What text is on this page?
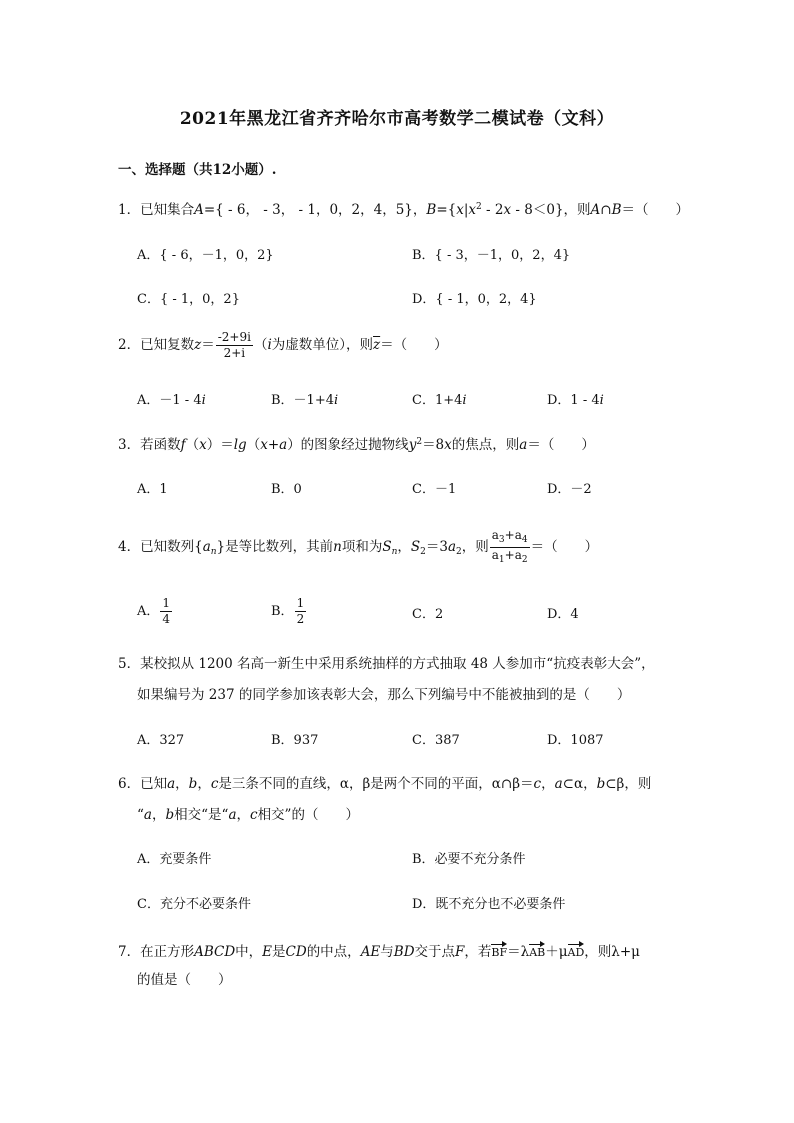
2021年黑龙江省齐齐哈尔市高考数学二模试卷（文科）
一、选择题（共12小题）.
1．已知集合A={ - 6， - 3， - 1，0，2，4，5}，$B=\{x|x^2 - 2x - 8<0\}$，则A∩B＝（　　）
A．{ - 6，－1，0，2}	B．{ - 3，－1，0，2，4}
C．{ - 1，0，2}	D．{ - 1，0，2，4}
2．已知复数$z= \frac{-2+9i}{2+i} (i$为虚数单位），则$\overline{z}=$（　　）
A．－1 - 4i	B．－1+4i	C．1+4i	D．1 - 4i
3．若函数f（x）＝lg（x+a）的图象经过抛物线$y^2=8x$的焦点，则a＝（　　）
A．1	B．0	C．－1	D．－2
4．已知数列$\{a_n\}$是等比数列，其前n项和为$S_n$，$S_2=3a_2$，则 $\frac{a_3+a_4}{a_1+a_2}$ ＝（　　）
A． $\frac{1}{4}$	B． $\frac{1}{2}$	C．2	D．4
5．某校拟从 1200 名高一新生中采用系统抽样的方式抽取 48 人参加市“抗疫表彰大会”，
如果编号为 237 的同学参加该表彰大会，那么下列编号中不能被抽到的是（　　）
A．327	B．937	C．387	D．1087
6．已知a，b，c是三条不同的直线，α，β是两个不同的平面，α∩β＝c，a⊂α，b⊂β，则
“a，b相交“是“a，c相交”的（　　）
A．充要条件	B．必要不充分条件
C．充分不必要条件	D．既不充分也不必要条件
7．在正方形ABCD中，E是CD的中点，AE与BD交于点F，若BF＝λAB＋μAD，则λ+μ
的值是（　　）
